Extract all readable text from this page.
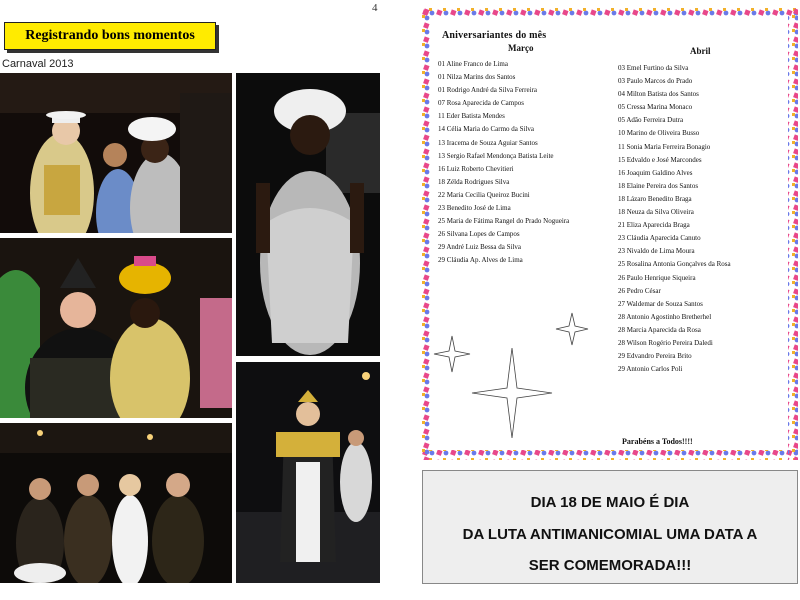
4
Registrando bons momentos
Carnaval 2013
Aniversariantes do mês
Março	Abril
01 Aline Franco de Lima
01 Nilza Marins dos Santos
01 Rodrigo André da Silva Ferreira
07 Rosa Aparecida de Campos
11 Eder Batista Mendes
14 Célia Maria do Carmo da Silva
13 Iracema de Souza Aguiar Santos
13 Sergio Rafael Mendonça Batista Leite
16 Luiz Roberto Chevitieri
18 Zélda Rodrigues Silva
22 Maria Cecilia Queiroz Bucini
23 Benedito José de Lima
25 Maria de Fátima Rangel do Prado Nogueira
26 Silvana Lopes de Campos
29 André Luiz Bessa da Silva
29 Cláudia Ap. Alves de Lima
03 Emel Furtino da Silva
03 Paulo Marcos do Prado
04 Milton Batista dos Santos
05 Cressa Marina Monaco
05 Adão Ferreira Dutra
10 Marino de Oliveira Busso
11 Sonia Maria Ferreira Bonagio
15 Edvaldo e José Marcondes
16 Joaquim Galdino Alves
18 Elaine Pereira dos Santos
18 Lázaro Benedito Braga
18 Neuza da Silva Oliveira
21 Eliza Aparecida Braga
23 Cláudia Aparecida Canuto
23 Nivaldo de Lima Moura
25 Rosalina Antonia Gonçalves da Rosa
26 Paulo Henrique Siqueira
26 Pedro César
27 Waldemar de Souza Santos
28 Antonio Agostinho Bretherhel
28 Marcia Aparecida da Rosa
28 Wilson Rogério Pereira Daledi
29 Edvandro Pereira Brito
29 Antonio Carlos Poli
Parabéns a Todos!!!!
DIA 18 DE MAIO É DIA
DA LUTA ANTIMANICOMIAL UMA DATA A
SER COMEMORADA!!!
